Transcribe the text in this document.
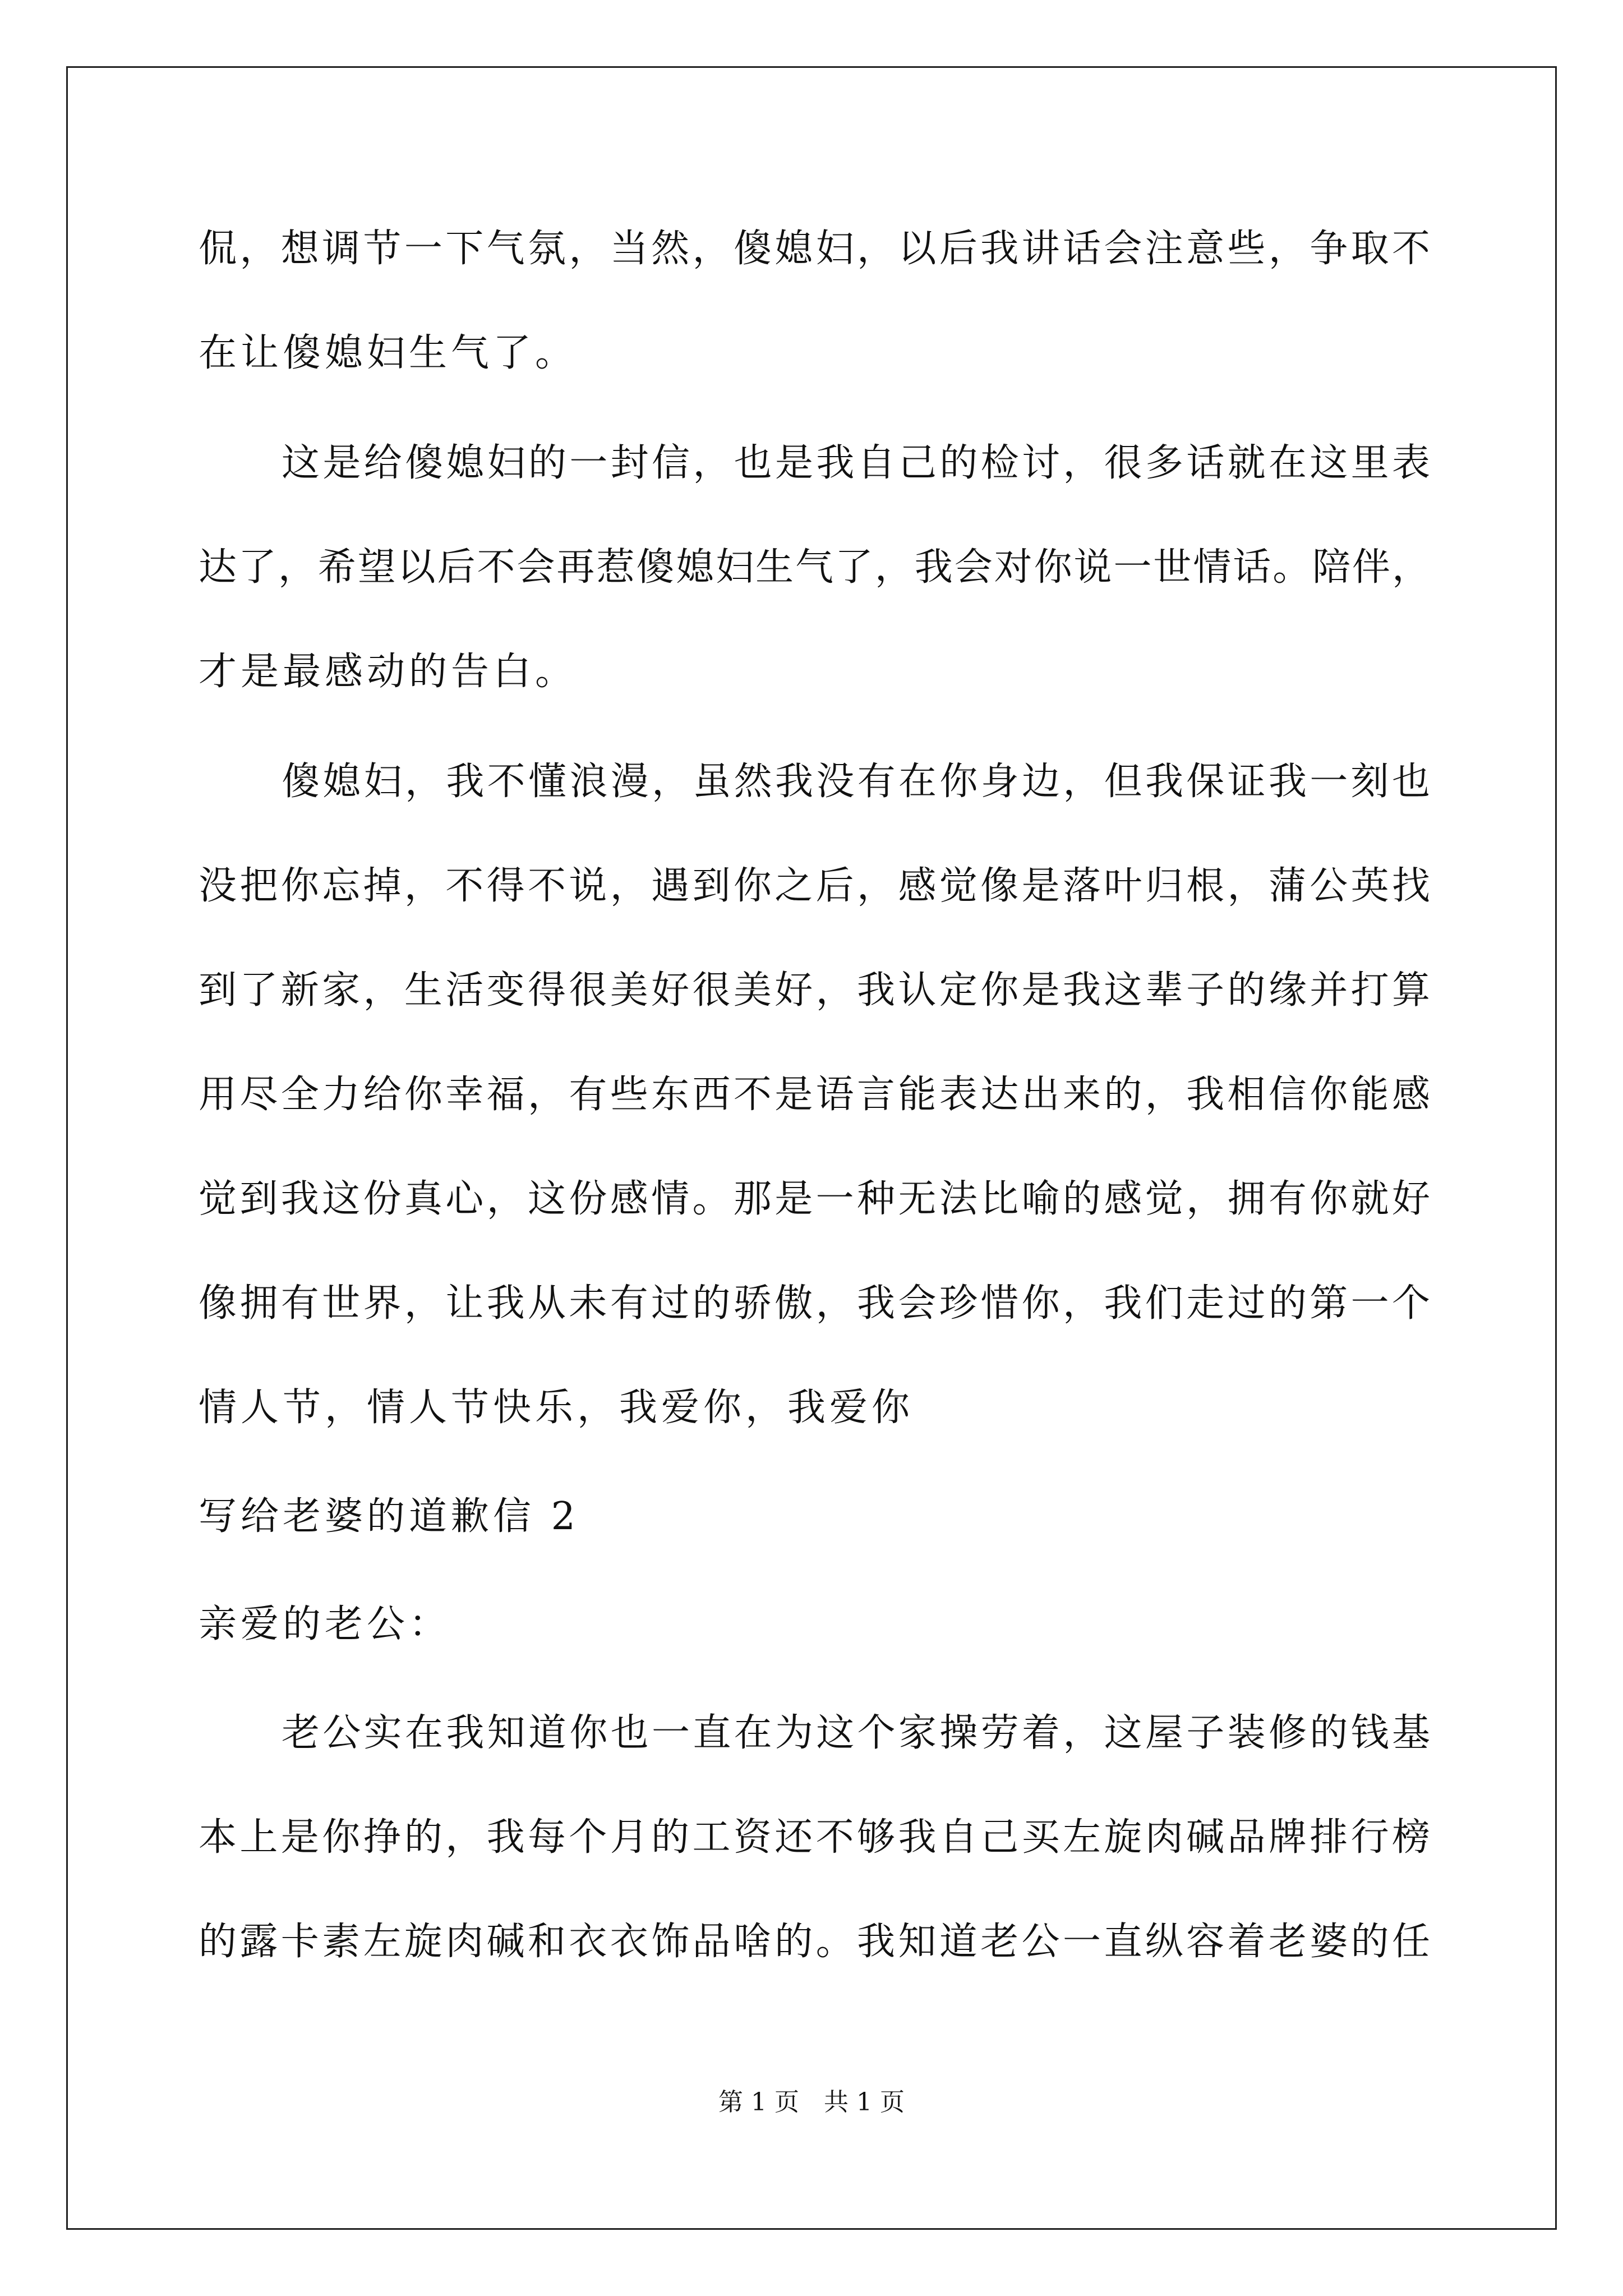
侃，想调节一下气氛，当然，傻媳妇，以后我讲话会注意些，争取不
在让傻媳妇生气了。
这是给傻媳妇的一封信，也是我自己的检讨，很多话就在这里表
达了，希望以后不会再惹傻媳妇生气了，我会对你说一世情话。陪伴，
才是最感动的告白。
傻媳妇，我不懂浪漫，虽然我没有在你身边，但我保证我一刻也
没把你忘掉，不得不说，遇到你之后，感觉像是落叶归根，蒲公英找
到了新家，生活变得很美好很美好，我认定你是我这辈子的缘并打算
用尽全力给你幸福，有些东西不是语言能表达出来的，我相信你能感
觉到我这份真心，这份感情。那是一种无法比喻的感觉，拥有你就好
像拥有世界，让我从未有过的骄傲，我会珍惜你，我们走过的第一个
情人节，情人节快乐，我爱你，我爱你
写给老婆的道歉信 2
亲爱的老公：
老公实在我知道你也一直在为这个家操劳着，这屋子装修的钱基
本上是你挣的，我每个月的工资还不够我自己买左旋肉碱品牌排行榜
的露卡素左旋肉碱和衣衣饰品啥的。我知道老公一直纵容着老婆的任
第 1 页　共 1 页
